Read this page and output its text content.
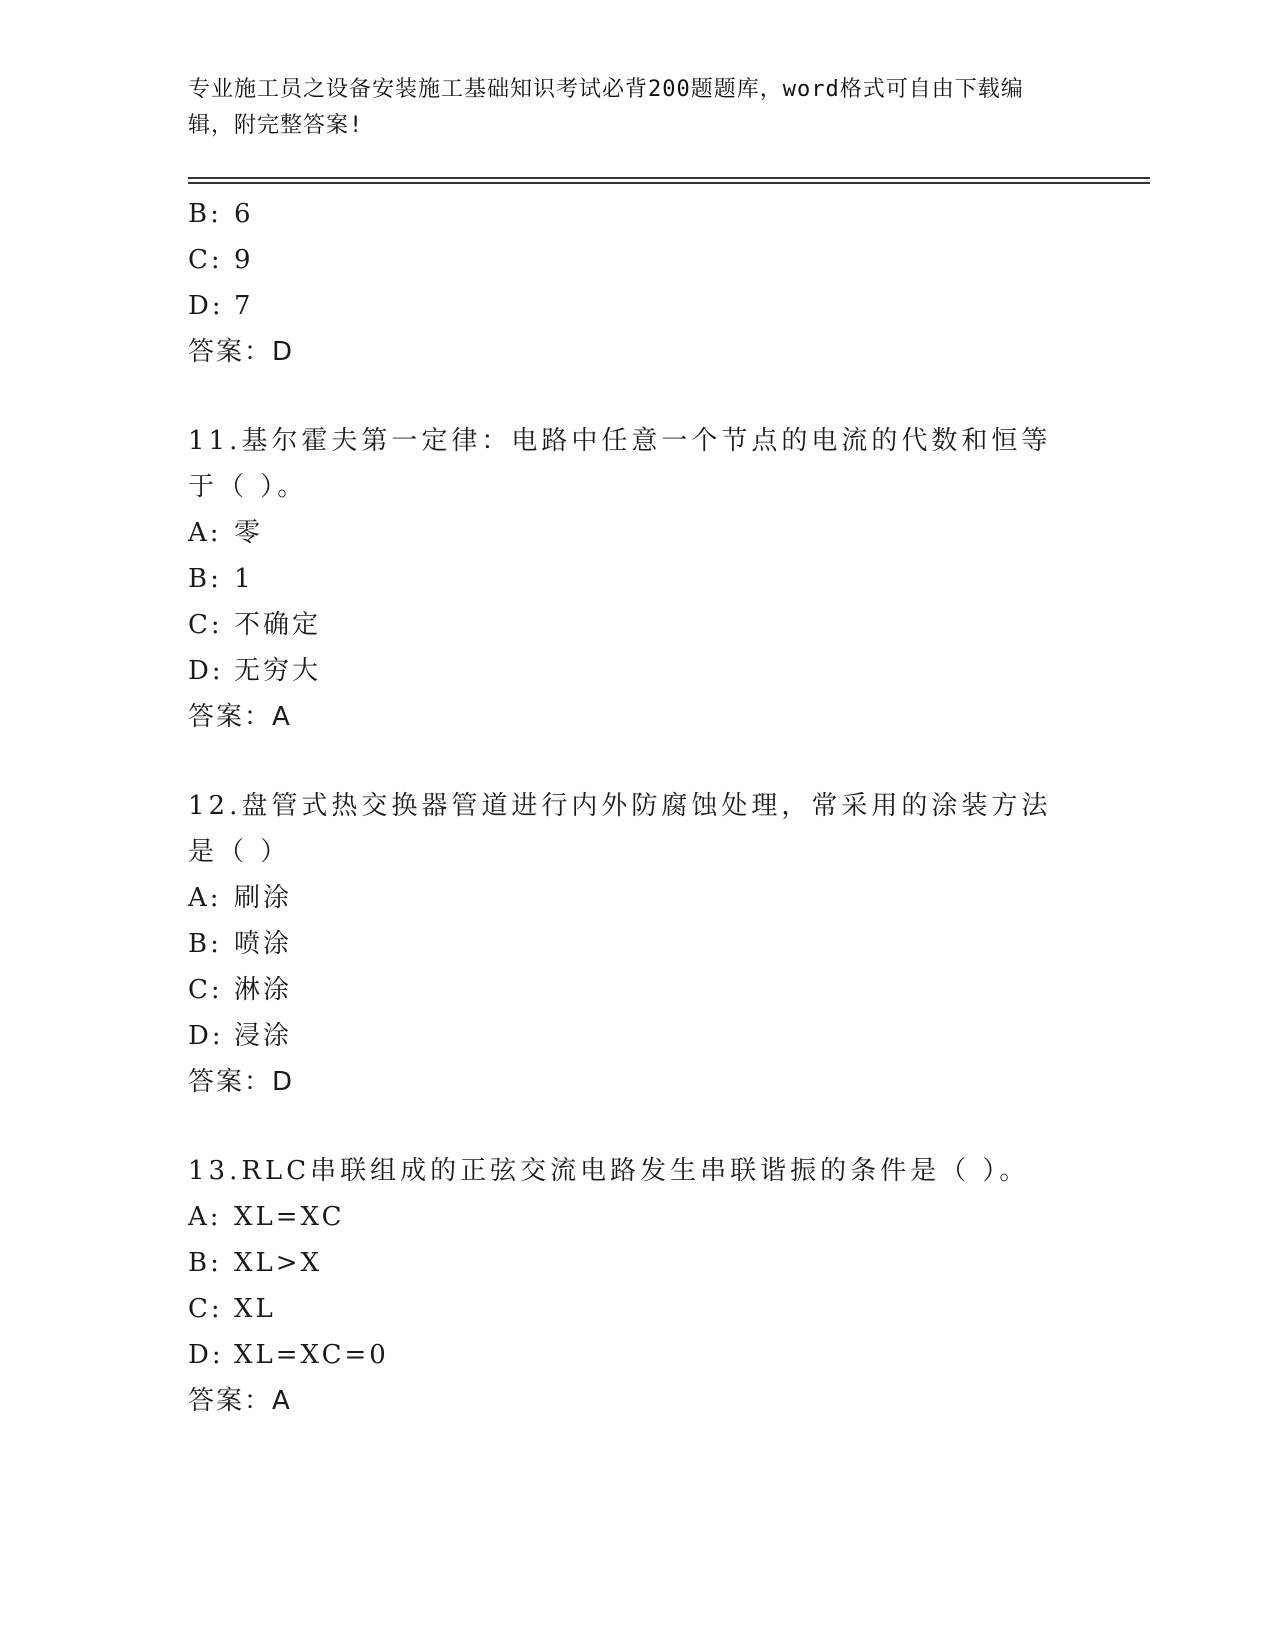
专业施工员之设备安装施工基础知识考试必背200题题库，word格式可自由下载编辑，附完整答案!
B: 6
C: 9
D: 7
答案：D
11.基尔霍夫第一定律：电路中任意一个节点的电流的代数和恒等于（ ）。
A: 零
B: 1
C: 不确定
D: 无穷大
答案：A
12.盘管式热交换器管道进行内外防腐蚀处理，常采用的涂装方法是（ ）
A: 刷涂
B: 喷涂
C: 淋涂
D: 浸涂
答案：D
13.RLC串联组成的正弦交流电路发生串联谐振的条件是（ ）。
A: XL=XC
B: XL>X
C: XL
D: XL=XC=0
答案：A
